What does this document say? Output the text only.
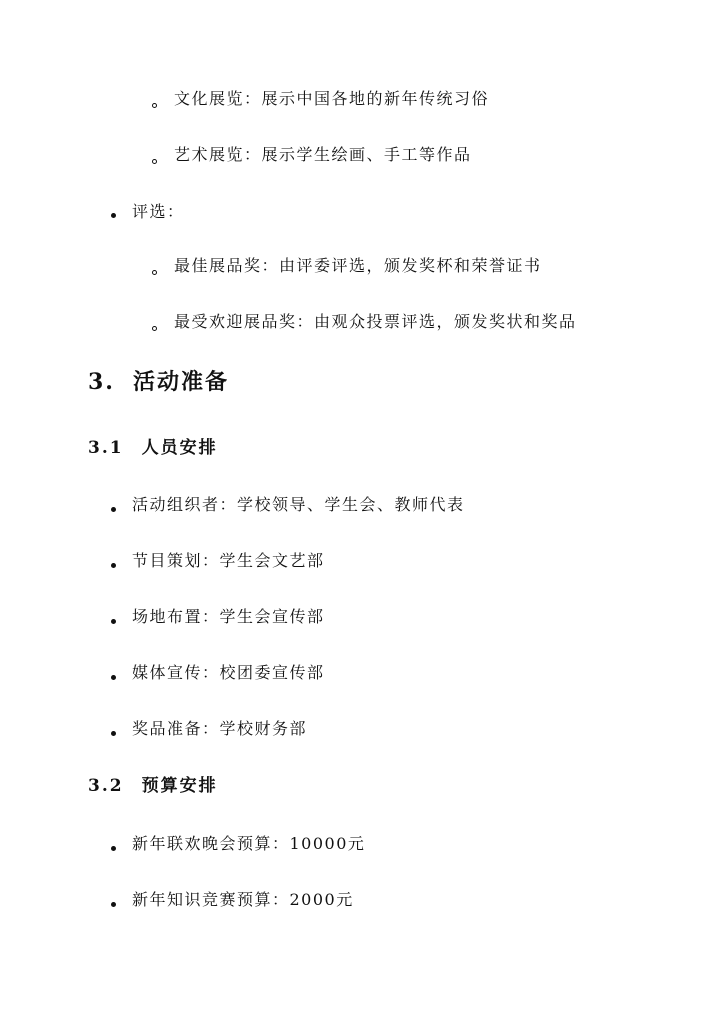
文化展览：展示中国各地的新年传统习俗
艺术展览：展示学生绘画、手工等作品
评选：
最佳展品奖：由评委评选，颁发奖杯和荣誉证书
最受欢迎展品奖：由观众投票评选，颁发奖状和奖品
3. 活动准备
3.1 人员安排
活动组织者：学校领导、学生会、教师代表
节目策划：学生会文艺部
场地布置：学生会宣传部
媒体宣传：校团委宣传部
奖品准备：学校财务部
3.2 预算安排
新年联欢晚会预算：10000元
新年知识竞赛预算：2000元
